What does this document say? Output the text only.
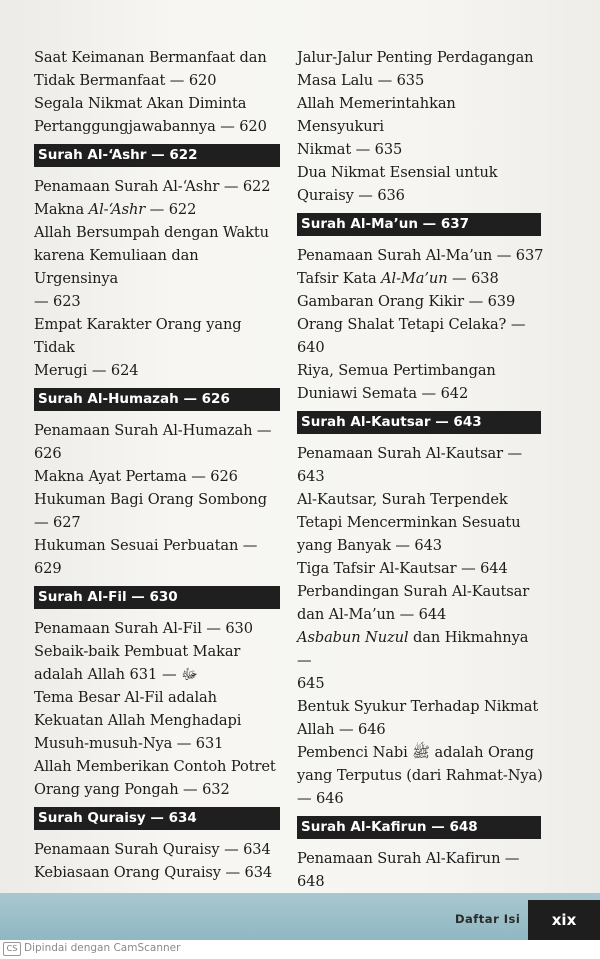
Saat Keimanan Bermanfaat dan
Tidak Bermanfaat — 620
Segala Nikmat Akan Diminta
Pertanggungjawabannya — 620
Surah Al-‘Ashr — 622
Penamaan Surah Al-‘Ashr — 622
Makna Al-‘Ashr — 622
Allah Bersumpah dengan Waktu
karena Kemuliaan dan Urgensinya
— 623
Empat Karakter Orang yang Tidak
Merugi — 624
Surah Al-Humazah — 626
Penamaan Surah Al-Humazah —
626
Makna Ayat Pertama — 626
Hukuman Bagi Orang Sombong
— 627
Hukuman Sesuai Perbuatan —
629
Surah Al-Fil — 630
Penamaan Surah Al-Fil — 630
Sebaik-baik Pembuat Makar
adalah Allah ﷻ — 631
Tema Besar Al-Fil adalah
Kekuatan Allah Menghadapi
Musuh-musuh-Nya — 631
Allah Memberikan Contoh Potret
Orang yang Pongah — 632
Surah Quraisy — 634
Penamaan Surah Quraisy — 634
Kebiasaan Orang Quraisy — 634
Jalur-Jalur Penting Perdagangan
Masa Lalu — 635
Allah Memerintahkan Mensyukuri
Nikmat — 635
Dua Nikmat Esensial untuk
Quraisy — 636
Surah Al-Ma’un — 637
Penamaan Surah Al-Ma’un — 637
Tafsir Kata Al-Ma’un — 638
Gambaran Orang Kikir — 639
Orang Shalat Tetapi Celaka? —
640
Riya, Semua Pertimbangan
Duniawi Semata — 642
Surah Al-Kautsar — 643
Penamaan Surah Al-Kautsar —
643
Al-Kautsar, Surah Terpendek
Tetapi Mencerminkan Sesuatu
yang Banyak — 643
Tiga Tafsir Al-Kautsar — 644
Perbandingan Surah Al-Kautsar
dan Al-Ma’un — 644
Asbabun Nuzul dan Hikmahnya —
645
Bentuk Syukur Terhadap Nikmat
Allah — 646
Pembenci Nabi ﷺ adalah Orang
yang Terputus (dari Rahmat-Nya)
— 646
Surah Al-Kafirun — 648
Penamaan Surah Al-Kafirun —
648
Daftar Isi	xix
CS Dipindai dengan CamScanner
